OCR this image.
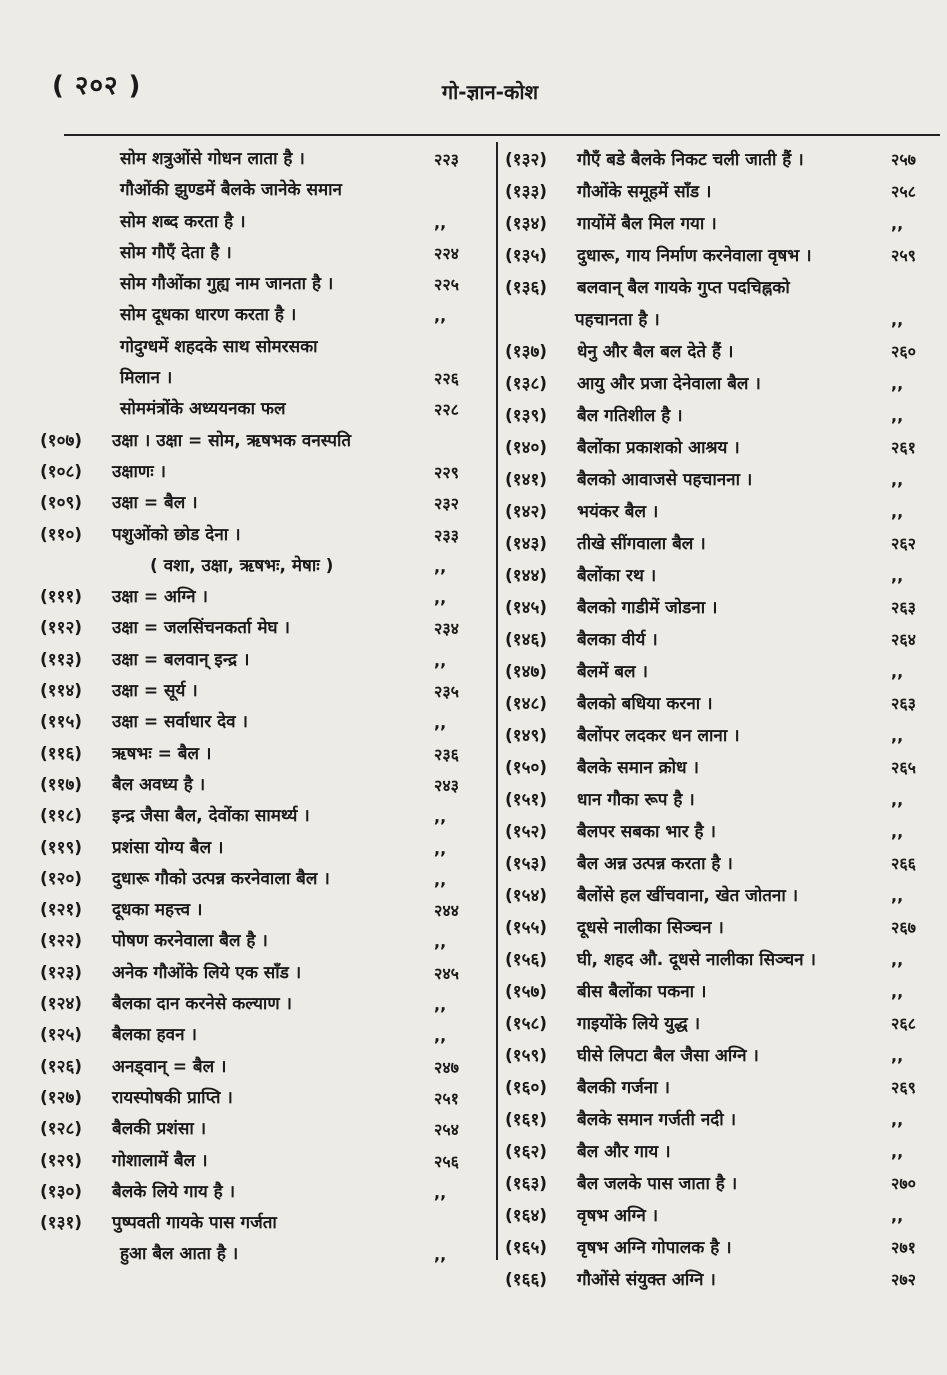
( २०२ )	गो-ज्ञान-कोश
सोम शत्रुओंसे गोधन लाता है ।	२२३
गौओंकी झुण्डमें बैलके जानेके समान
सोम शब्द करता है ।	,,
सोम गौएँ देता है ।	२२४
सोम गौओंका गुह्य नाम जानता है ।	२२५
सोम दूधका धारण करता है ।	,,
गोदुग्धमें शहदके साथ सोमरसका
मिलान ।	२२६
सोममंत्रोंके अध्ययनका फल	२२८
(१०७) उक्षा । उक्षा = सोम, ऋषभक वनस्पति
(१०८) उक्षाणः ।	२२९
(१०९) उक्षा = बैल ।	२३२
(११०) पशुओंको छोड देना ।	२३३
( वशा, उक्षा, ऋषभः, मेषाः )	,,
(१११) उक्षा = अग्नि ।	,,
(११२) उक्षा = जलसिंचनकर्ता मेघ ।	२३४
(११३) उक्षा = बलवान् इन्द्र ।	,,
(११४) उक्षा = सूर्य ।	२३५
(११५) उक्षा = सर्वाधार देव ।	,,
(११६) ऋषभः = बैल ।	२३६
(११७) बैल अवध्य है ।	२४३
(११८) इन्द्र जैसा बैल, देवोंका सामर्थ्य ।	,,
(११९) प्रशंसा योग्य बैल ।	,,
(१२०) दुधारू गौको उत्पन्न करनेवाला बैल ।	,,
(१२१) दूधका महत्त्व ।	२४४
(१२२) पोषण करनेवाला बैल है ।	,,
(१२३) अनेक गौओंके लिये एक साँड ।	२४५
(१२४) बैलका दान करनेसे कल्याण ।	,,
(१२५) बैलका हवन ।	,,
(१२६) अनड्वान् = बैल ।	२४७
(१२७) रायस्पोषकी प्राप्ति ।	२५१
(१२८) बैलकी प्रशंसा ।	२५४
(१२९) गोशालामें बैल ।	२५६
(१३०) बैलके लिये गाय है ।	,,
(१३१) पुष्पवती गायके पास गर्जता
हुआ बैल आता है ।	,,
(१३२) गौएँ बडे बैलके निकट चली जाती हैं ।	२५७
(१३३) गौओंके समूहमें साँड ।	२५८
(१३४) गायोंमें बैल मिल गया ।	,,
(१३५) दुधारू, गाय निर्माण करनेवाला वृषभ ।	२५९
(१३६) बलवान् बैल गायके गुप्त पदचिह्नको
पहचानता है ।	,,
(१३७) धेनु और बैल बल देते हैं ।	२६०
(१३८) आयु और प्रजा देनेवाला बैल ।	,,
(१३९) बैल गतिशील है ।	,,
(१४०) बैलोंका प्रकाशको आश्रय ।	२६१
(१४१) बैलको आवाजसे पहचानना ।	,,
(१४२) भयंकर बैल ।	,,
(१४३) तीखे सींगवाला बैल ।	२६२
(१४४) बैलोंका रथ ।	,,
(१४५) बैलको गाडीमें जोडना ।	२६३
(१४६) बैलका वीर्य ।	२६४
(१४७) बैलमें बल ।	,,
(१४८) बैलको बधिया करना ।	२६३
(१४९) बैलोंपर लदकर धन लाना ।	,,
(१५०) बैलके समान क्रोध ।	२६५
(१५१) धान गौका रूप है ।	,,
(१५२) बैलपर सबका भार है ।	,,
(१५३) बैल अन्न उत्पन्न करता है ।	२६६
(१५४) बैलोंसे हल खींचवाना, खेत जोतना ।	,,
(१५५) दूधसे नालीका सिञ्चन ।	२६७
(१५६) घी, शहद औ. दूधसे नालीका सिञ्चन ।	,,
(१५७) बीस बैलोंका पकना ।	,,
(१५८) गाइयोंके लिये युद्ध ।	२६८
(१५९) घीसे लिपटा बैल जैसा अग्नि ।	,,
(१६०) बैलकी गर्जना ।	२६९
(१६१) बैलके समान गर्जती नदी ।	,,
(१६२) बैल और गाय ।	,,
(१६३) बैल जलके पास जाता है ।	२७०
(१६४) वृषभ अग्नि ।	,,
(१६५) वृषभ अग्नि गोपालक है ।	२७१
(१६६) गौओंसे संयुक्त अग्नि ।	२७२
